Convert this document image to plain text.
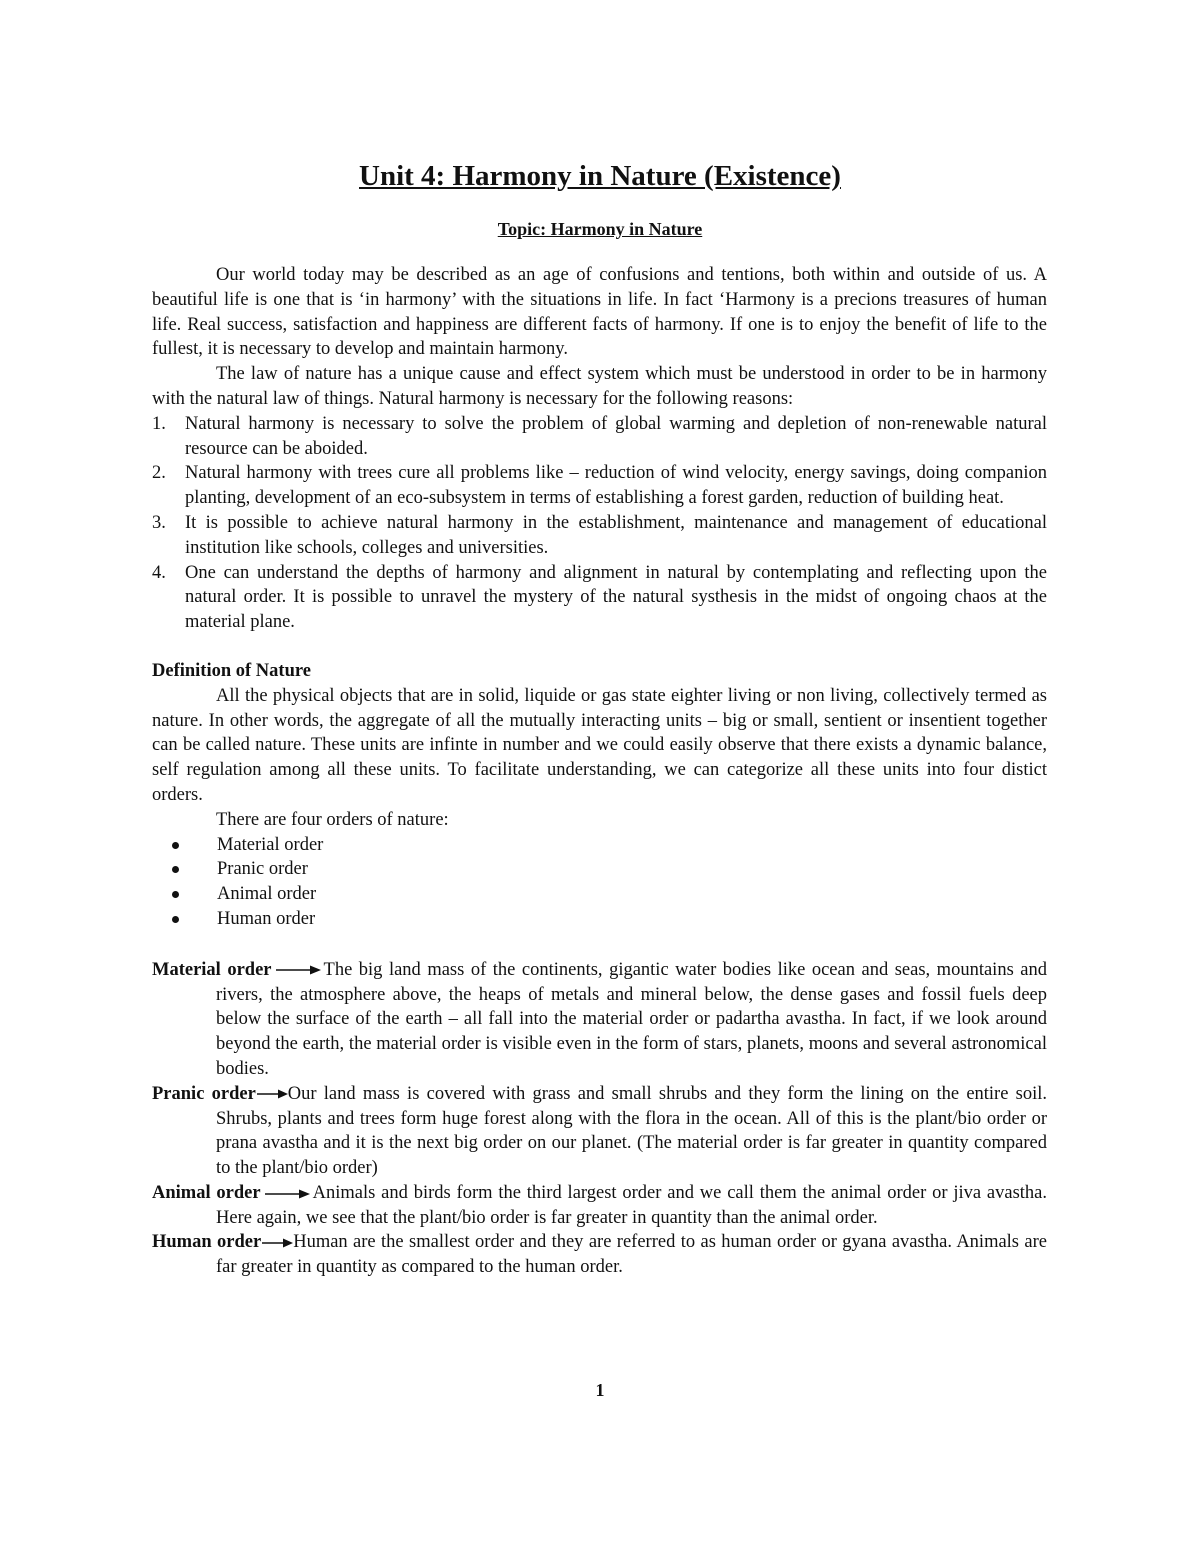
Unit 4: Harmony in Nature (Existence)
Topic: Harmony in Nature

Our world today may be described as an age of confusions and tentions, both within and outside of us. A beautiful life is one that is ‘in harmony’ with the situations in life. In fact ‘Harmony is a precions treasures of human life. Real success, satisfaction and happiness are different facts of harmony. If one is to enjoy the benefit of life to the fullest, it is necessary to develop and maintain harmony.

The law of nature has a unique cause and effect system which must be understood in order to be in harmony with the natural law of things. Natural harmony is necessary for the following reasons:

1. Natural harmony is necessary to solve the problem of global warming and depletion of non-renewable natural resource can be aboided.
2. Natural harmony with trees cure all problems like – reduction of wind velocity, energy savings, doing companion planting, development of an eco-subsystem in terms of establishing a forest garden, reduction of building heat.
3. It is possible to achieve natural harmony in the establishment, maintenance and management of educational institution like schools, colleges and universities.
4. One can understand the depths of harmony and alignment in natural by contemplating and reflecting upon the natural order. It is possible to unravel the mystery of the natural systhesis in the midst of ongoing chaos at the material plane.

Definition of Nature

All the physical objects that are in solid, liquide or gas state eighter living or non living, collectively termed as nature. In other words, the aggregate of all the mutually interacting units – big or small, sentient or insentient together can be called nature. These units are infinte in number and we could easily observe that there exists a dynamic balance, self regulation among all these units. To facilitate understanding, we can categorize all these units into four distict orders.

There are four orders of nature:

Material order
Pranic order
Animal order
Human order

Material order	The big land mass of the continents, gigantic water bodies like ocean and seas, mountains and rivers, the atmosphere above, the heaps of metals and mineral below, the dense gases and fossil fuels deep below the surface of the earth – all fall into the material order or padartha avastha. In fact, if we look around beyond the earth, the material order is visible even in the form of stars, planets, moons and several astronomical bodies.

Pranic order Our land mass is covered with grass and small shrubs and they form the lining on the entire soil. Shrubs, plants and trees form huge forest along with the flora in the ocean. All of this is the plant/bio order or prana avastha and it is the next big order on our planet. (The material order is far greater in quantity compared to the plant/bio order)

Animal order	Animals and birds form the third largest order and we call them the animal order or jiva avastha. Here again, we see that the plant/bio order is far greater in quantity than the animal order.

Human order Human are the smallest order and they are referred to as human order or gyana avastha. Animals are far greater in quantity as compared to the human order.

1
